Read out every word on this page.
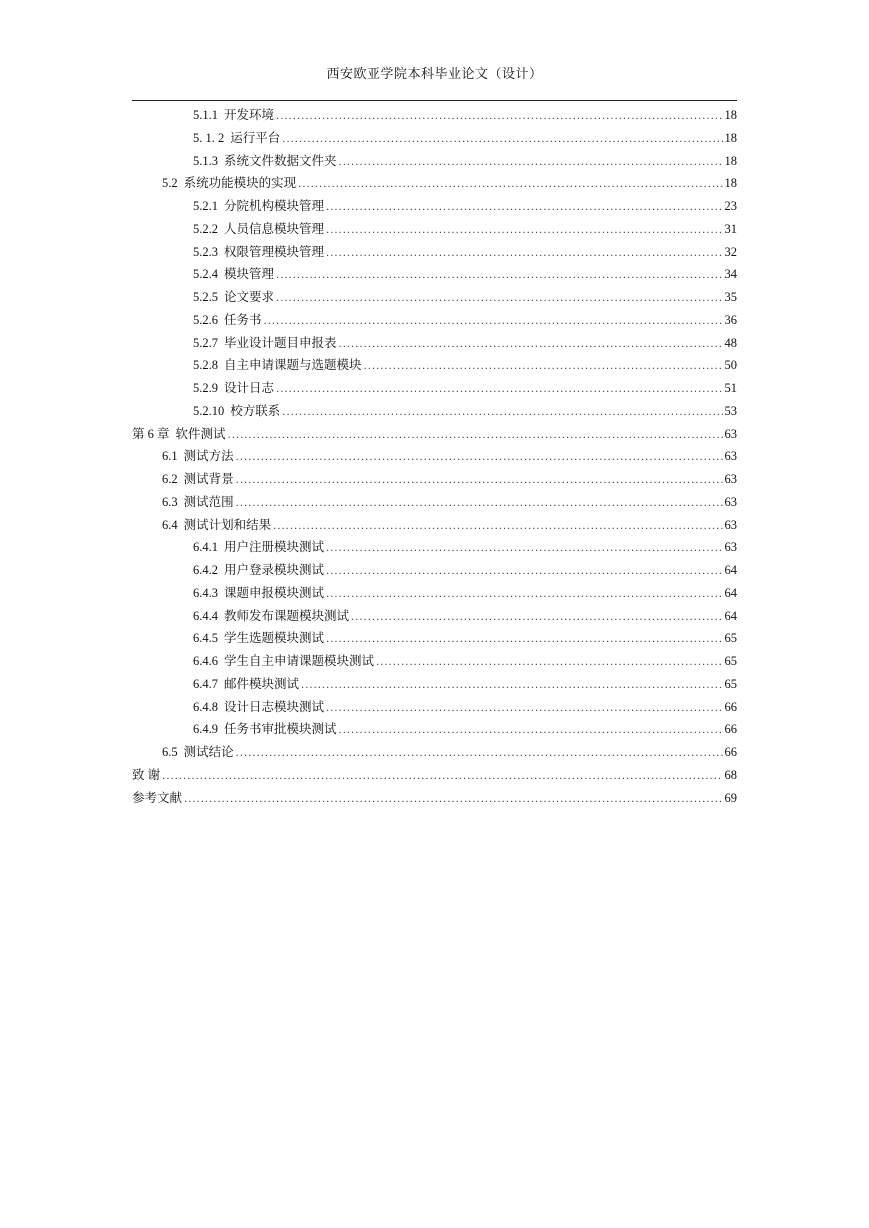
西安欧亚学院本科毕业论文（设计）
5.1.1 开发环境 .....	18
5. 1. 2 运行平台 .....	18
5.1.3 系统文件数据文件夹 .....	18
5.2 系统功能模块的实现 .....	18
5.2.1 分院机构模块管理 .....	23
5.2.2 人员信息模块管理 .....	31
5.2.3 权限管理模块管理 .....	32
5.2.4 模块管理 .....	34
5.2.5 论文要求 .....	35
5.2.6 任务书 .....	36
5.2.7 毕业设计题目申报表 .....	48
5.2.8 自主申请课题与选题模块 .....	50
5.2.9 设计日志 .....	51
5.2.10 校方联系 .....	53
第 6 章 软件测试 .....	63
6.1 测试方法 .....	63
6.2 测试背景 .....	63
6.3 测试范围 .....	63
6.4 测试计划和结果 .....	63
6.4.1 用户注册模块测试 .....	63
6.4.2 用户登录模块测试 .....	64
6.4.3 课题申报模块测试 .....	64
6.4.4 教师发布课题模块测试 .....	64
6.4.5 学生选题模块测试 .....	65
6.4.6 学生自主申请课题模块测试 .....	65
6.4.7 邮件模块测试 .....	65
6.4.8 设计日志模块测试 .....	66
6.4.9 任务书审批模块测试 .....	66
6.5 测试结论 .....	66
致 谢 .....	68
参考文献 .....	69
